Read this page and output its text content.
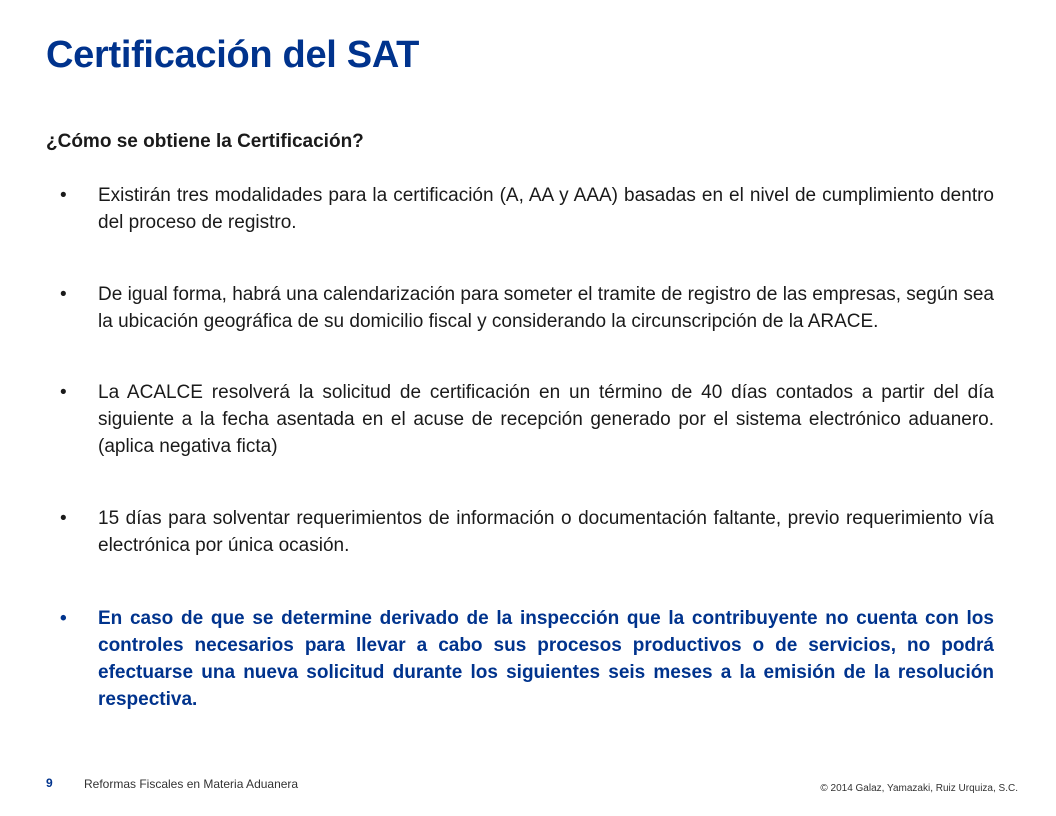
Certificación del SAT
¿Cómo se obtiene la Certificación?
• Existirán tres modalidades para la certificación (A, AA y AAA) basadas en el nivel de cumplimiento dentro del proceso de registro.
• De igual forma, habrá una calendarización para someter el tramite de registro de las empresas, según sea la ubicación geográfica de su domicilio fiscal y considerando la circunscripción de la ARACE.
• La ACALCE resolverá la solicitud de certificación en un término de 40 días contados a partir del día siguiente a la fecha asentada en el acuse de recepción generado por el sistema electrónico aduanero. (aplica negativa ficta)
• 15 días para solventar requerimientos de información o documentación faltante, previo requerimiento vía electrónica por única ocasión.
• En caso de que se determine derivado de la inspección que la contribuyente no cuenta con los controles necesarios para llevar a cabo sus procesos productivos o de servicios, no podrá efectuarse una nueva solicitud durante los siguientes seis meses a la emisión de la resolución respectiva.
9	Reformas Fiscales en Materia Aduanera	© 2014 Galaz, Yamazaki, Ruiz Urquiza, S.C.
